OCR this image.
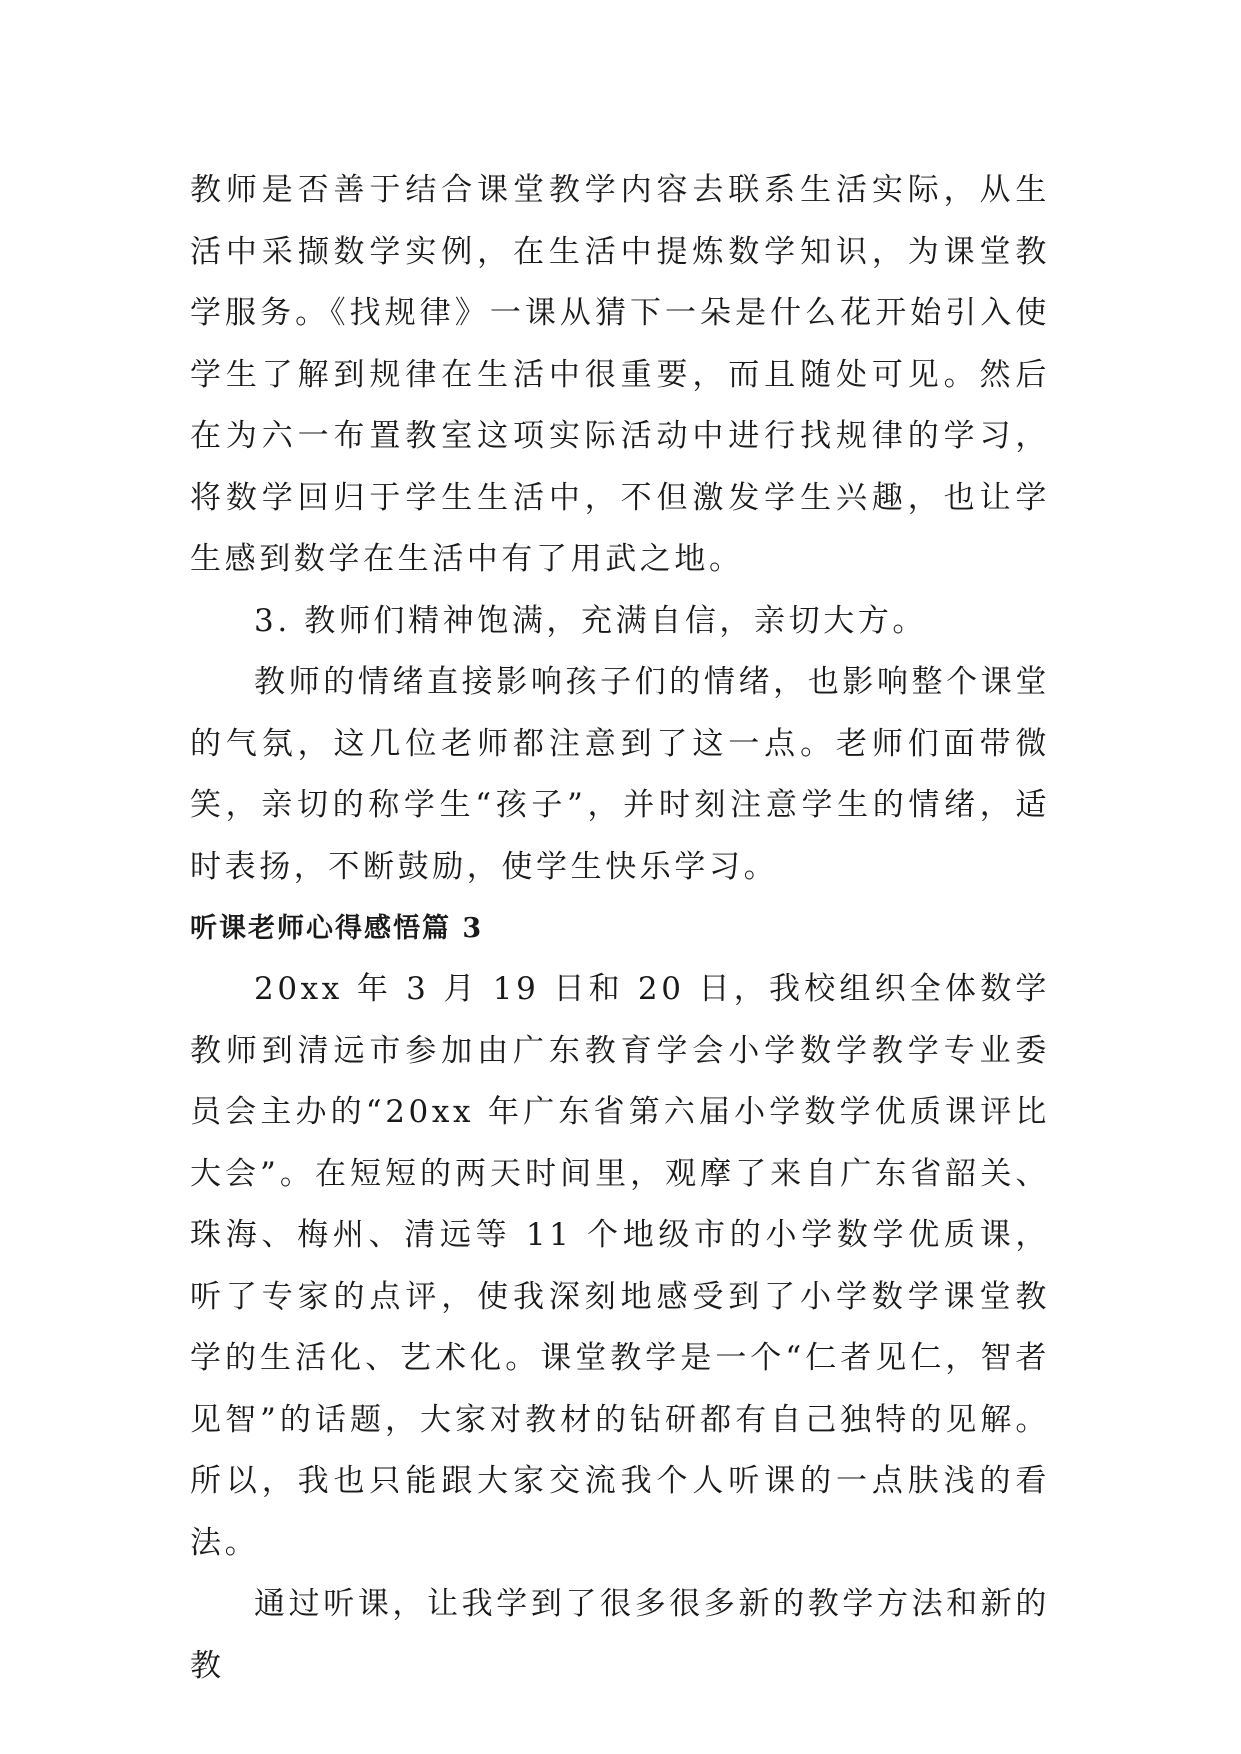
教师是否善于结合课堂教学内容去联系生活实际，从生活中采撷数学实例，在生活中提炼数学知识，为课堂教学服务。《找规律》一课从猜下一朵是什么花开始引入使学生了解到规律在生活中很重要，而且随处可见。然后在为六一布置教室这项实际活动中进行找规律的学习，将数学回归于学生生活中，不但激发学生兴趣，也让学生感到数学在生活中有了用武之地。

3. 教师们精神饱满，充满自信，亲切大方。

教师的情绪直接影响孩子们的情绪，也影响整个课堂的气氛，这几位老师都注意到了这一点。老师们面带微笑，亲切的称学生“孩子”，并时刻注意学生的情绪，适时表扬，不断鼓励，使学生快乐学习。

听课老师心得感悟篇 3

20xx 年 3 月 19 日和 20 日，我校组织全体数学教师到清远市参加由广东教育学会小学数学教学专业委员会主办的“20xx 年广东省第六届小学数学优质课评比大会”。在短短的两天时间里，观摩了来自广东省韶关、珠海、梅州、清远等 11 个地级市的小学数学优质课，听了专家的点评，使我深刻地感受到了小学数学课堂教学的生活化、艺术化。课堂教学是一个“仁者见仁，智者见智”的话题，大家对教材的钻研都有自己独特的见解。所以，我也只能跟大家交流我个人听课的一点肤浅的看法。

通过听课，让我学到了很多很多新的教学方法和新的教
